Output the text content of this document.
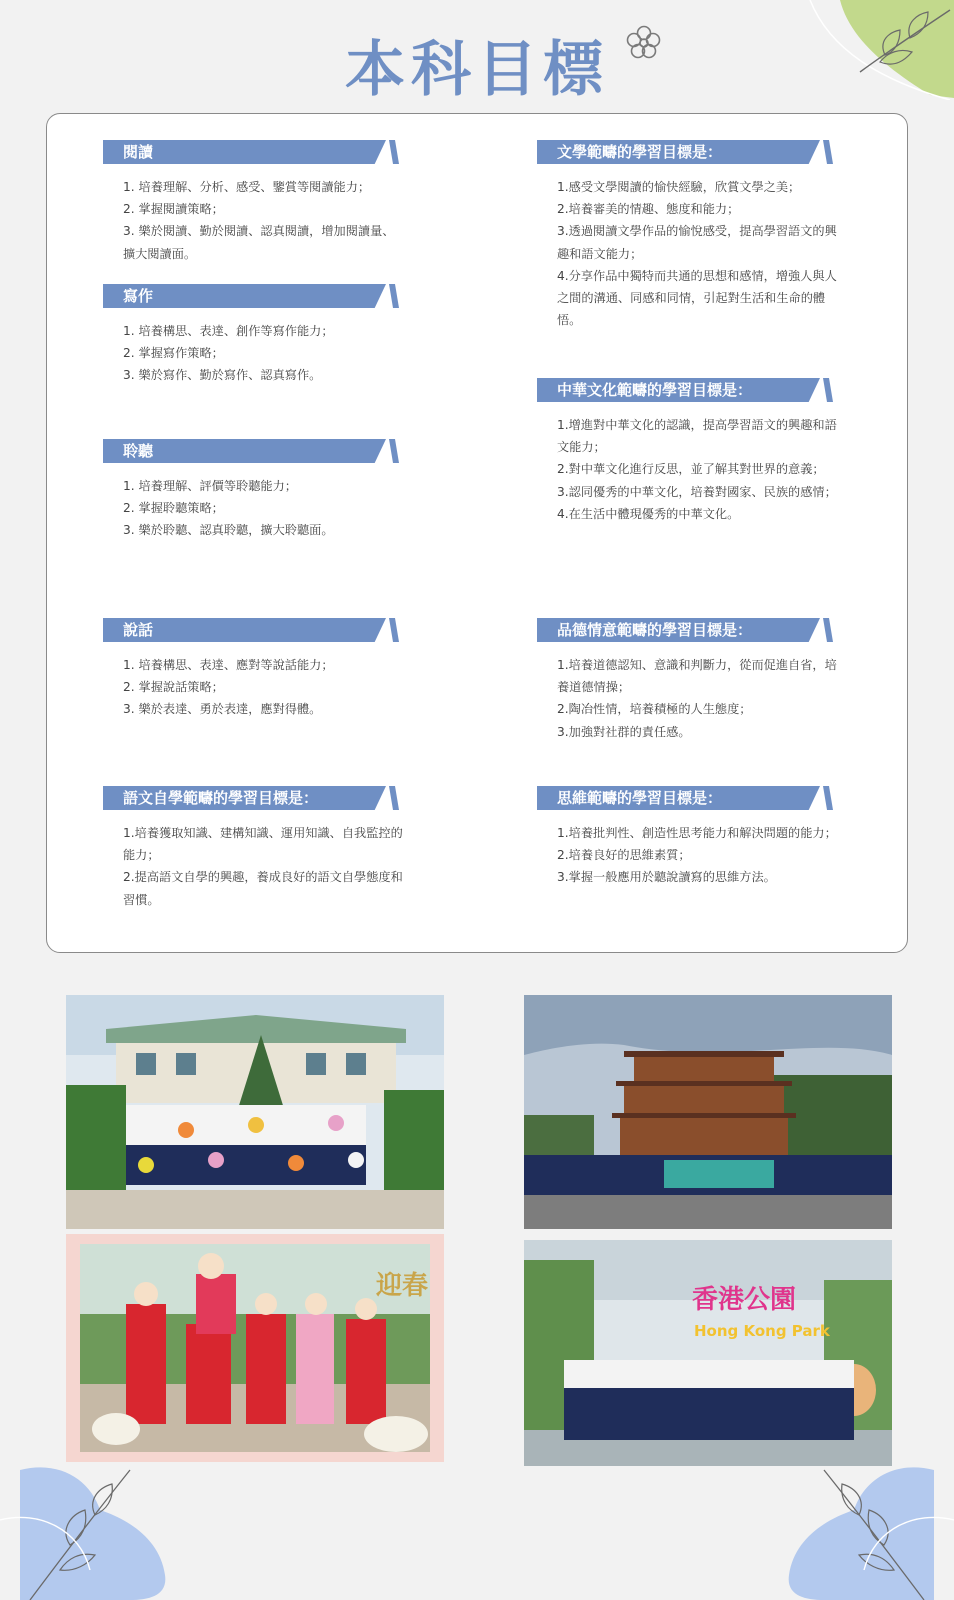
本科目標
閱讀
1. 培養理解、分析、感受、鑒賞等閱讀能力；
2. 掌握閱讀策略；
3. 樂於閱讀、勤於閱讀、認真閱讀，增加閱讀量、擴大閱讀面。
寫作
1. 培養構思、表達、創作等寫作能力；
2. 掌握寫作策略；
3. 樂於寫作、勤於寫作、認真寫作。
聆聽
1. 培養理解、評價等聆聽能力；
2. 掌握聆聽策略；
3. 樂於聆聽、認真聆聽，擴大聆聽面。
說話
1. 培養構思、表達、應對等說話能力；
2. 掌握說話策略；
3. 樂於表達、勇於表達，應對得體。
語文自學範疇的學習目標是：
1.培養獲取知識、建構知識、運用知識、自我監控的能力；
2.提高語文自學的興趣，養成良好的語文自學態度和習慣。
文學範疇的學習目標是：
1.感受文學閱讀的愉快經驗，欣賞文學之美；
2.培養審美的情趣、態度和能力；
3.透過閱讀文學作品的愉悅感受，提高學習語文的興趣和語文能力；
4.分享作品中獨特而共通的思想和感情，增強人與人之間的溝通、同感和同情，引起對生活和生命的體悟。
中華文化範疇的學習目標是：
1.增進對中華文化的認識，提高學習語文的興趣和語文能力；
2.對中華文化進行反思，並了解其對世界的意義；
3.認同優秀的中華文化，培養對國家、民族的感情；
4.在生活中體現優秀的中華文化。
品德情意範疇的學習目標是：
1.培養道德認知、意識和判斷力，從而促進自省，培養道德情操；
2.陶冶性情，培養積極的人生態度；
3.加強對社群的責任感。
思維範疇的學習目標是：
1.培養批判性、創造性思考能力和解決問題的能力；
2.培養良好的思維素質；
3.掌握一般應用於聽說讀寫的思維方法。
迎春	香港公園
Hong Kong Park
